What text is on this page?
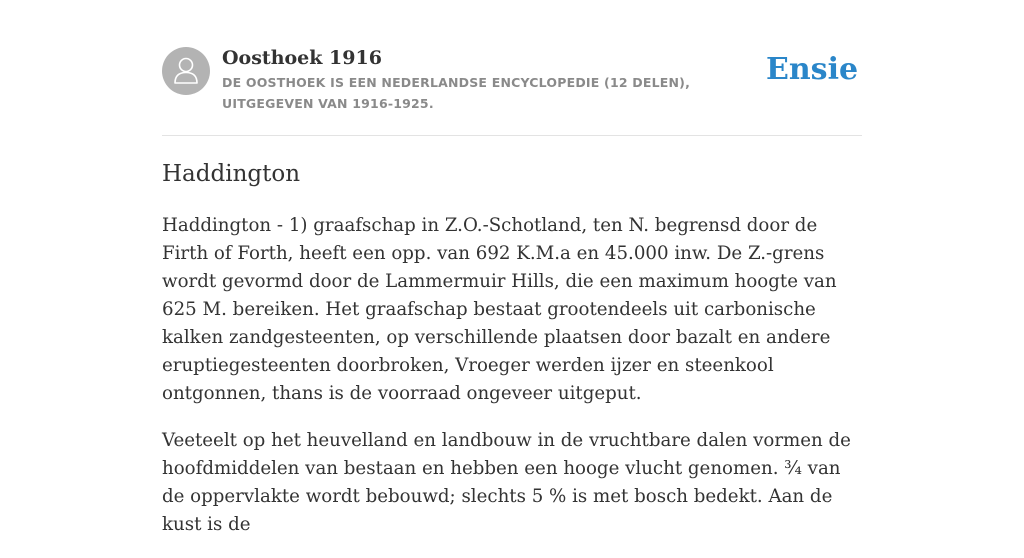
Oosthoek 1916

DE OOSTHOEK IS EEN NEDERLANDSE ENCYCLOPEDIE (12 DELEN), UITGEGEVEN VAN 1916-1925.

Ensie
Haddington

Haddington - 1) graafschap in Z.O.-Schotland, ten N. begrensd door de Firth of Forth, heeft een opp. van 692 K.M.a en 45.000 inw. De Z.-grens wordt gevormd door de Lammermuir Hills, die een maximum hoogte van 625 M. bereiken. Het graafschap bestaat grootendeels uit carbonische kalken zandgesteenten, op verschillende plaatsen door bazalt en andere eruptiegesteenten doorbroken, Vroeger werden ijzer en steenkool ontgonnen, thans is de voorraad ongeveer uitgeput.

Veeteelt op het heuvelland en landbouw in de vruchtbare dalen vormen de hoofdmiddelen van bestaan en hebben een hooge vlucht genomen. ¾ van de oppervlakte wordt bebouwd; slechts 5 % is met bosch bedekt. Aan de kust is de
